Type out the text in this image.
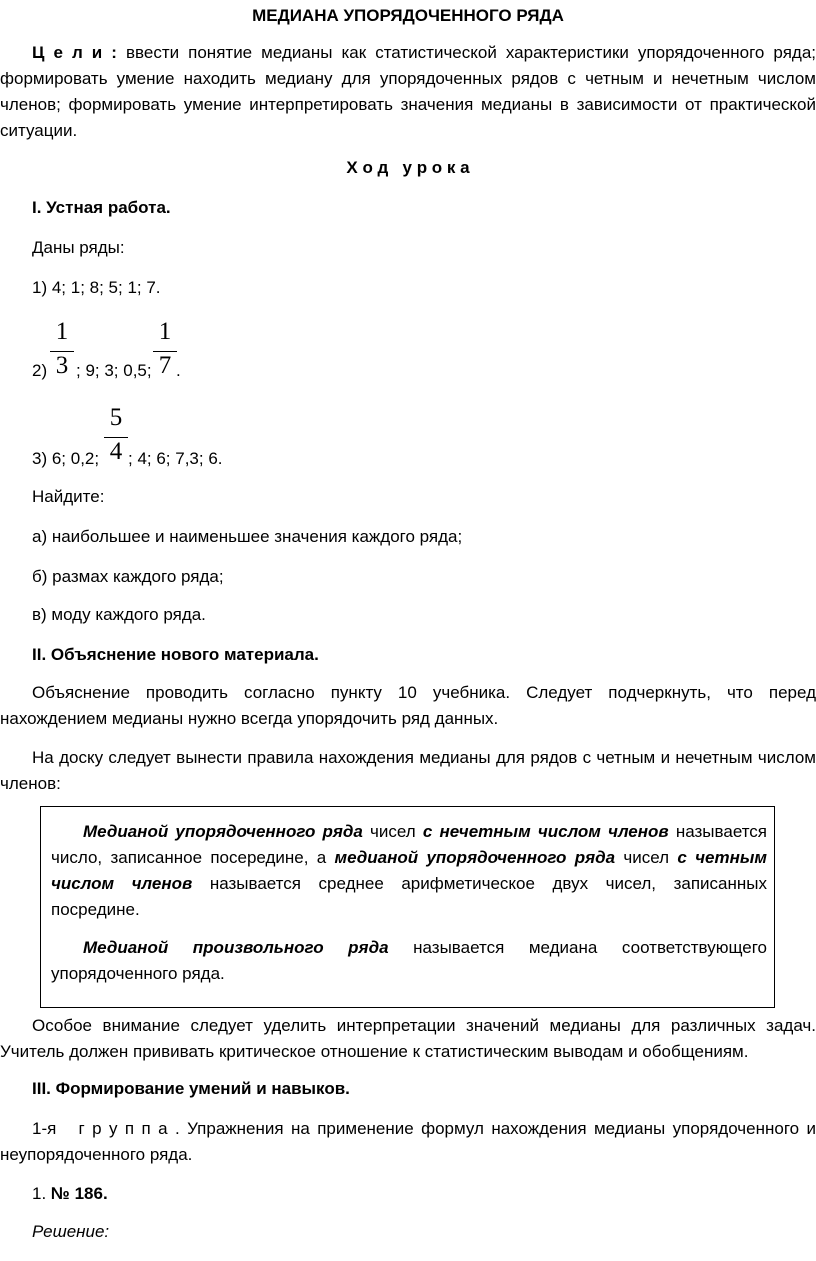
МЕДИАНА УПОРЯДОЧЕННОГО РЯДА
Ц е л и : ввести понятие медианы как статистической характеристики упорядоченного ряда; формировать умение находить медиану для упорядоченных рядов с четным и нечетным числом членов; формировать умение интерпретировать значения медианы в зависимости от практической ситуации.
Х о д   у р о к а
I. Устная работа.
Даны ряды:
1) 4; 1; 8; 5; 1; 7.
2)
1
3 ; 9; 3; 0,5;
1
7 .
3) 6; 0,2;
5
4 ; 4; 6; 7,3; 6.
Найдите:
а) наибольшее и наименьшее значения каждого ряда;
б) размах каждого ряда;
в) моду каждого ряда.
II. Объяснение нового материала.
Объяснение проводить согласно пункту 10 учебника. Следует подчеркнуть, что перед нахождением медианы нужно всегда упорядочить ряд данных.
На доску следует вынести правила нахождения медианы для рядов с четным и нечетным числом членов:
Медианой упорядоченного ряда чисел с нечетным числом членов называется число, записанное посередине, а медианой упорядоченного ряда чисел с четным числом членов называется среднее арифметическое двух чисел, записанных посредине.
Медианой произвольного ряда называется медиана соответствующего упорядоченного ряда.
Особое внимание следует уделить интерпретации значений медианы для различных задач. Учитель должен прививать критическое отношение к статистическим выводам и обобщениям.
III. Формирование умений и навыков.
1-я   г р у п п а . Упражнения на применение формул нахождения медианы упорядоченного и неупорядоченного ряда.
1. № 186.
Решение:
